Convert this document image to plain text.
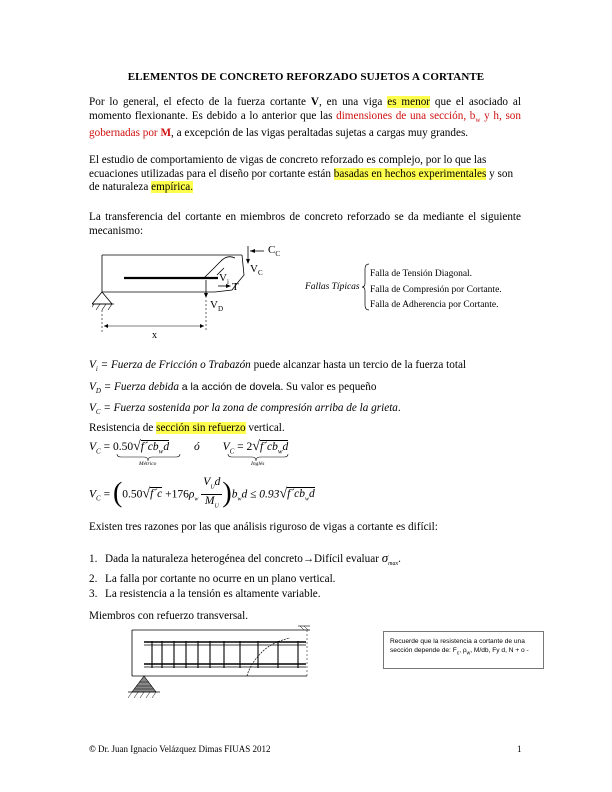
ELEMENTOS DE CONCRETO REFORZADO SUJETOS A CORTANTE
Por lo general, el efecto de la fuerza cortante V, en una viga es menor que el asociado al momento flexionante. Es debido a lo anterior que las dimensiones de una sección, $b_w$ y h, son gobernadas por M, a excepción de las vigas peraltadas sujetas a cargas muy grandes.
El estudio de comportamiento de vigas de concreto reforzado es complejo, por lo que las ecuaciones utilizadas para el diseño por cortante están basadas en hechos experimentales y son de naturaleza empírica.
La transferencia del cortante en miembros de concreto reforzado se da mediante el siguiente mecanismo:
$C_C$
$V_C$
$V_i$ T
$V_D$
x
Fallas Típicas
Falla de Tensión Diagonal.
Falla de Compresión por Cortante.
Falla de Adherencia por Cortante.
$V_i$ = Fuerza de Fricción o Trabazón puede alcanzar hasta un tercio de la fuerza total
$V_D$ = Fuerza debida a la acción de dovela. Su valor es pequeño
$V_C$ = Fuerza sostenida por la zona de compresión arriba de la grieta.
Resistencia de sección sin refuerzo vertical.
$V_C$ = $0.50√f´cb_wd$ ó $V_C$ = $2√f´cb_wd$
Métrico	Inglés
$V_C$ = (0.50√f´c $+176\rho_w$
$V_Ud$
$M_U$ )$b_wd$ ≤ $0.93√f´cb_wd$
Existen tres razones por las que análisis riguroso de vigas a cortante es difícil:
1. Dada la naturaleza heterogénea del concreto→Difícil evaluar $\sigma_{max}$.
2. La falla por cortante no ocurre en un plano vertical.
3. La resistencia a la tensión es altamente variable.
Miembros con refuerzo transversal.
Recuerde que la resistencia a cortante de una sección depende de: $F_c$, $\rho_w$, M/db, Fy d, N + o -
© Dr. Juan Ignacio Velázquez Dimas FIUAS 2012	1
